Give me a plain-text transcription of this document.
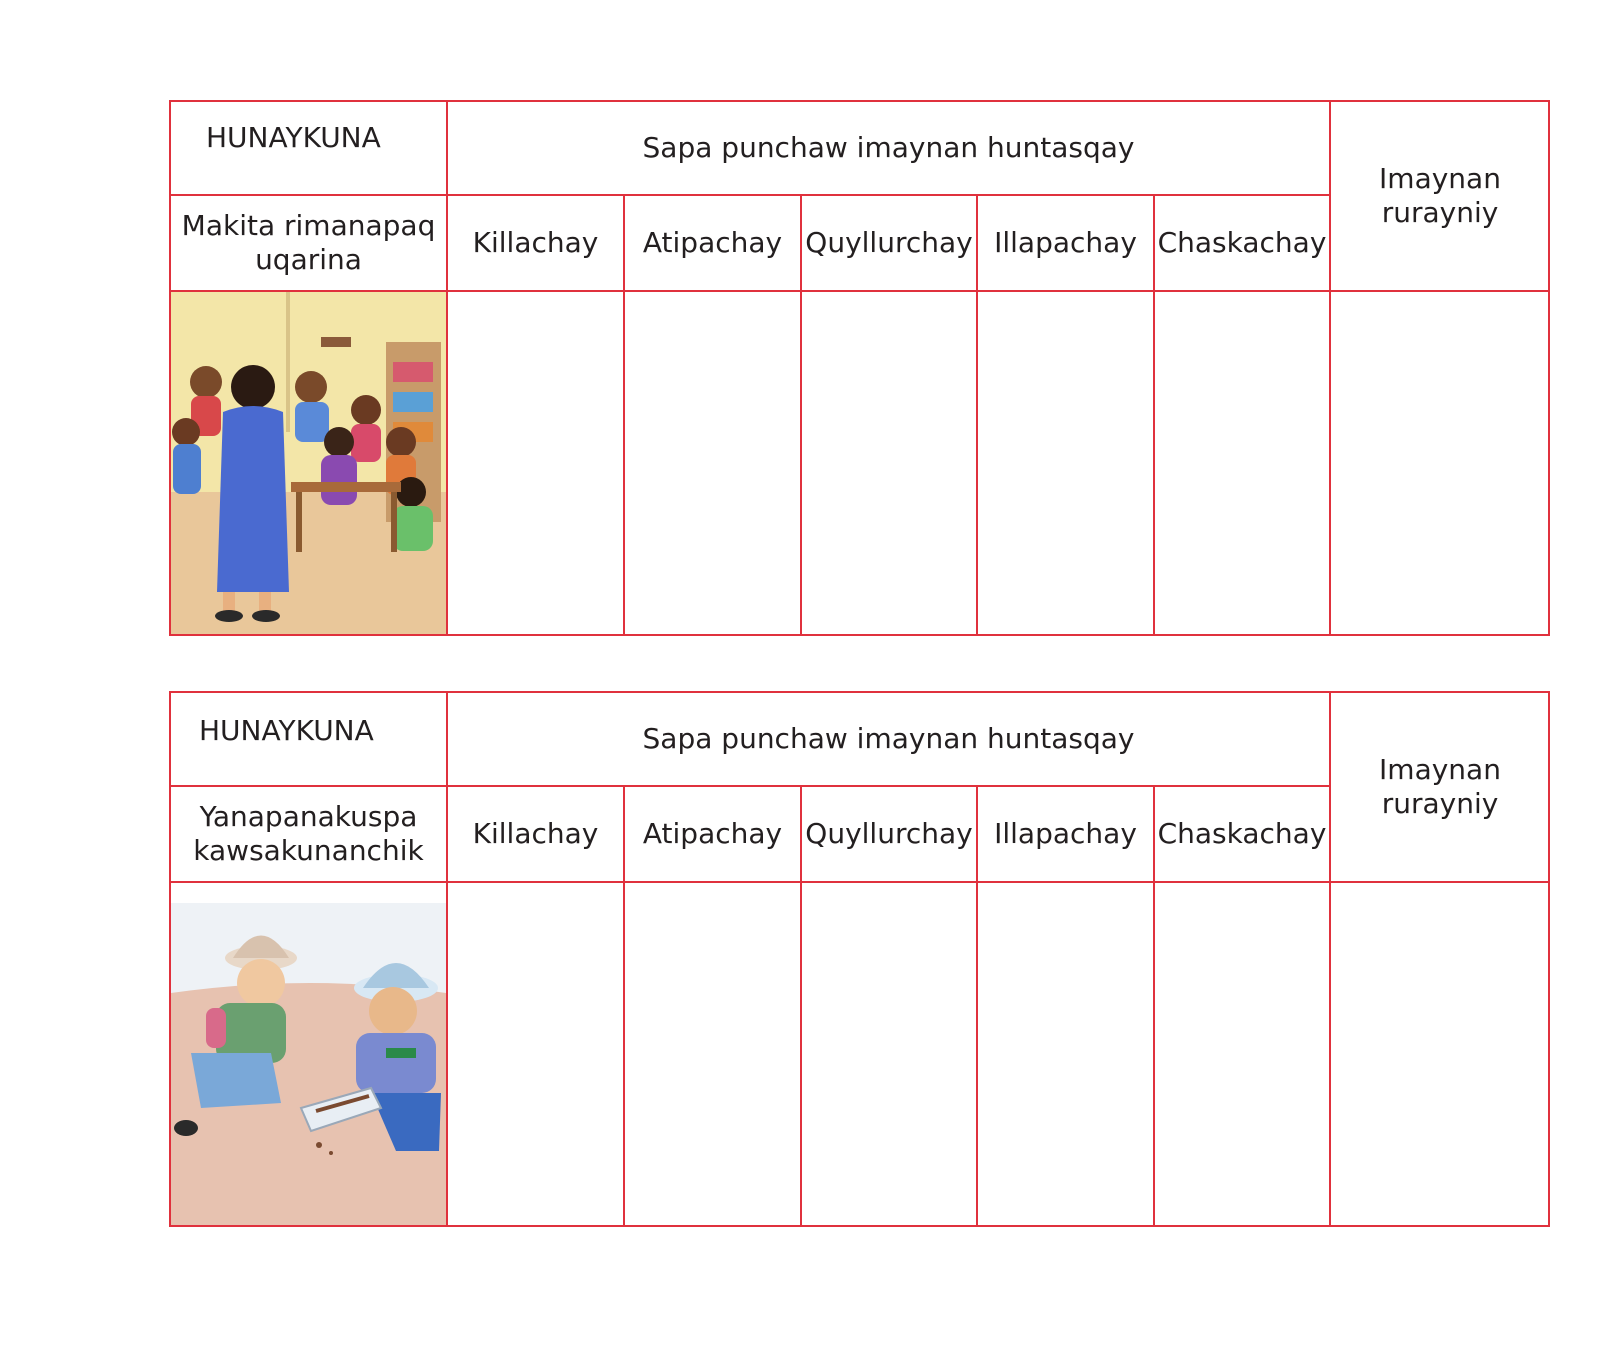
HUNAYKUNA	Sapa punchaw imaynan huntasqay
Imaynan rurayniy
Makita rimanapaq uqarina
Killachay Atipachay Quyllurchay Illapachay Chaskachay
HUNAYKUNA	Sapa punchaw imaynan huntasqay
Imaynan rurayniy
Yanapanakuspa kawsakunanchik
Killachay Atipachay Quyllurchay Illapachay Chaskachay
